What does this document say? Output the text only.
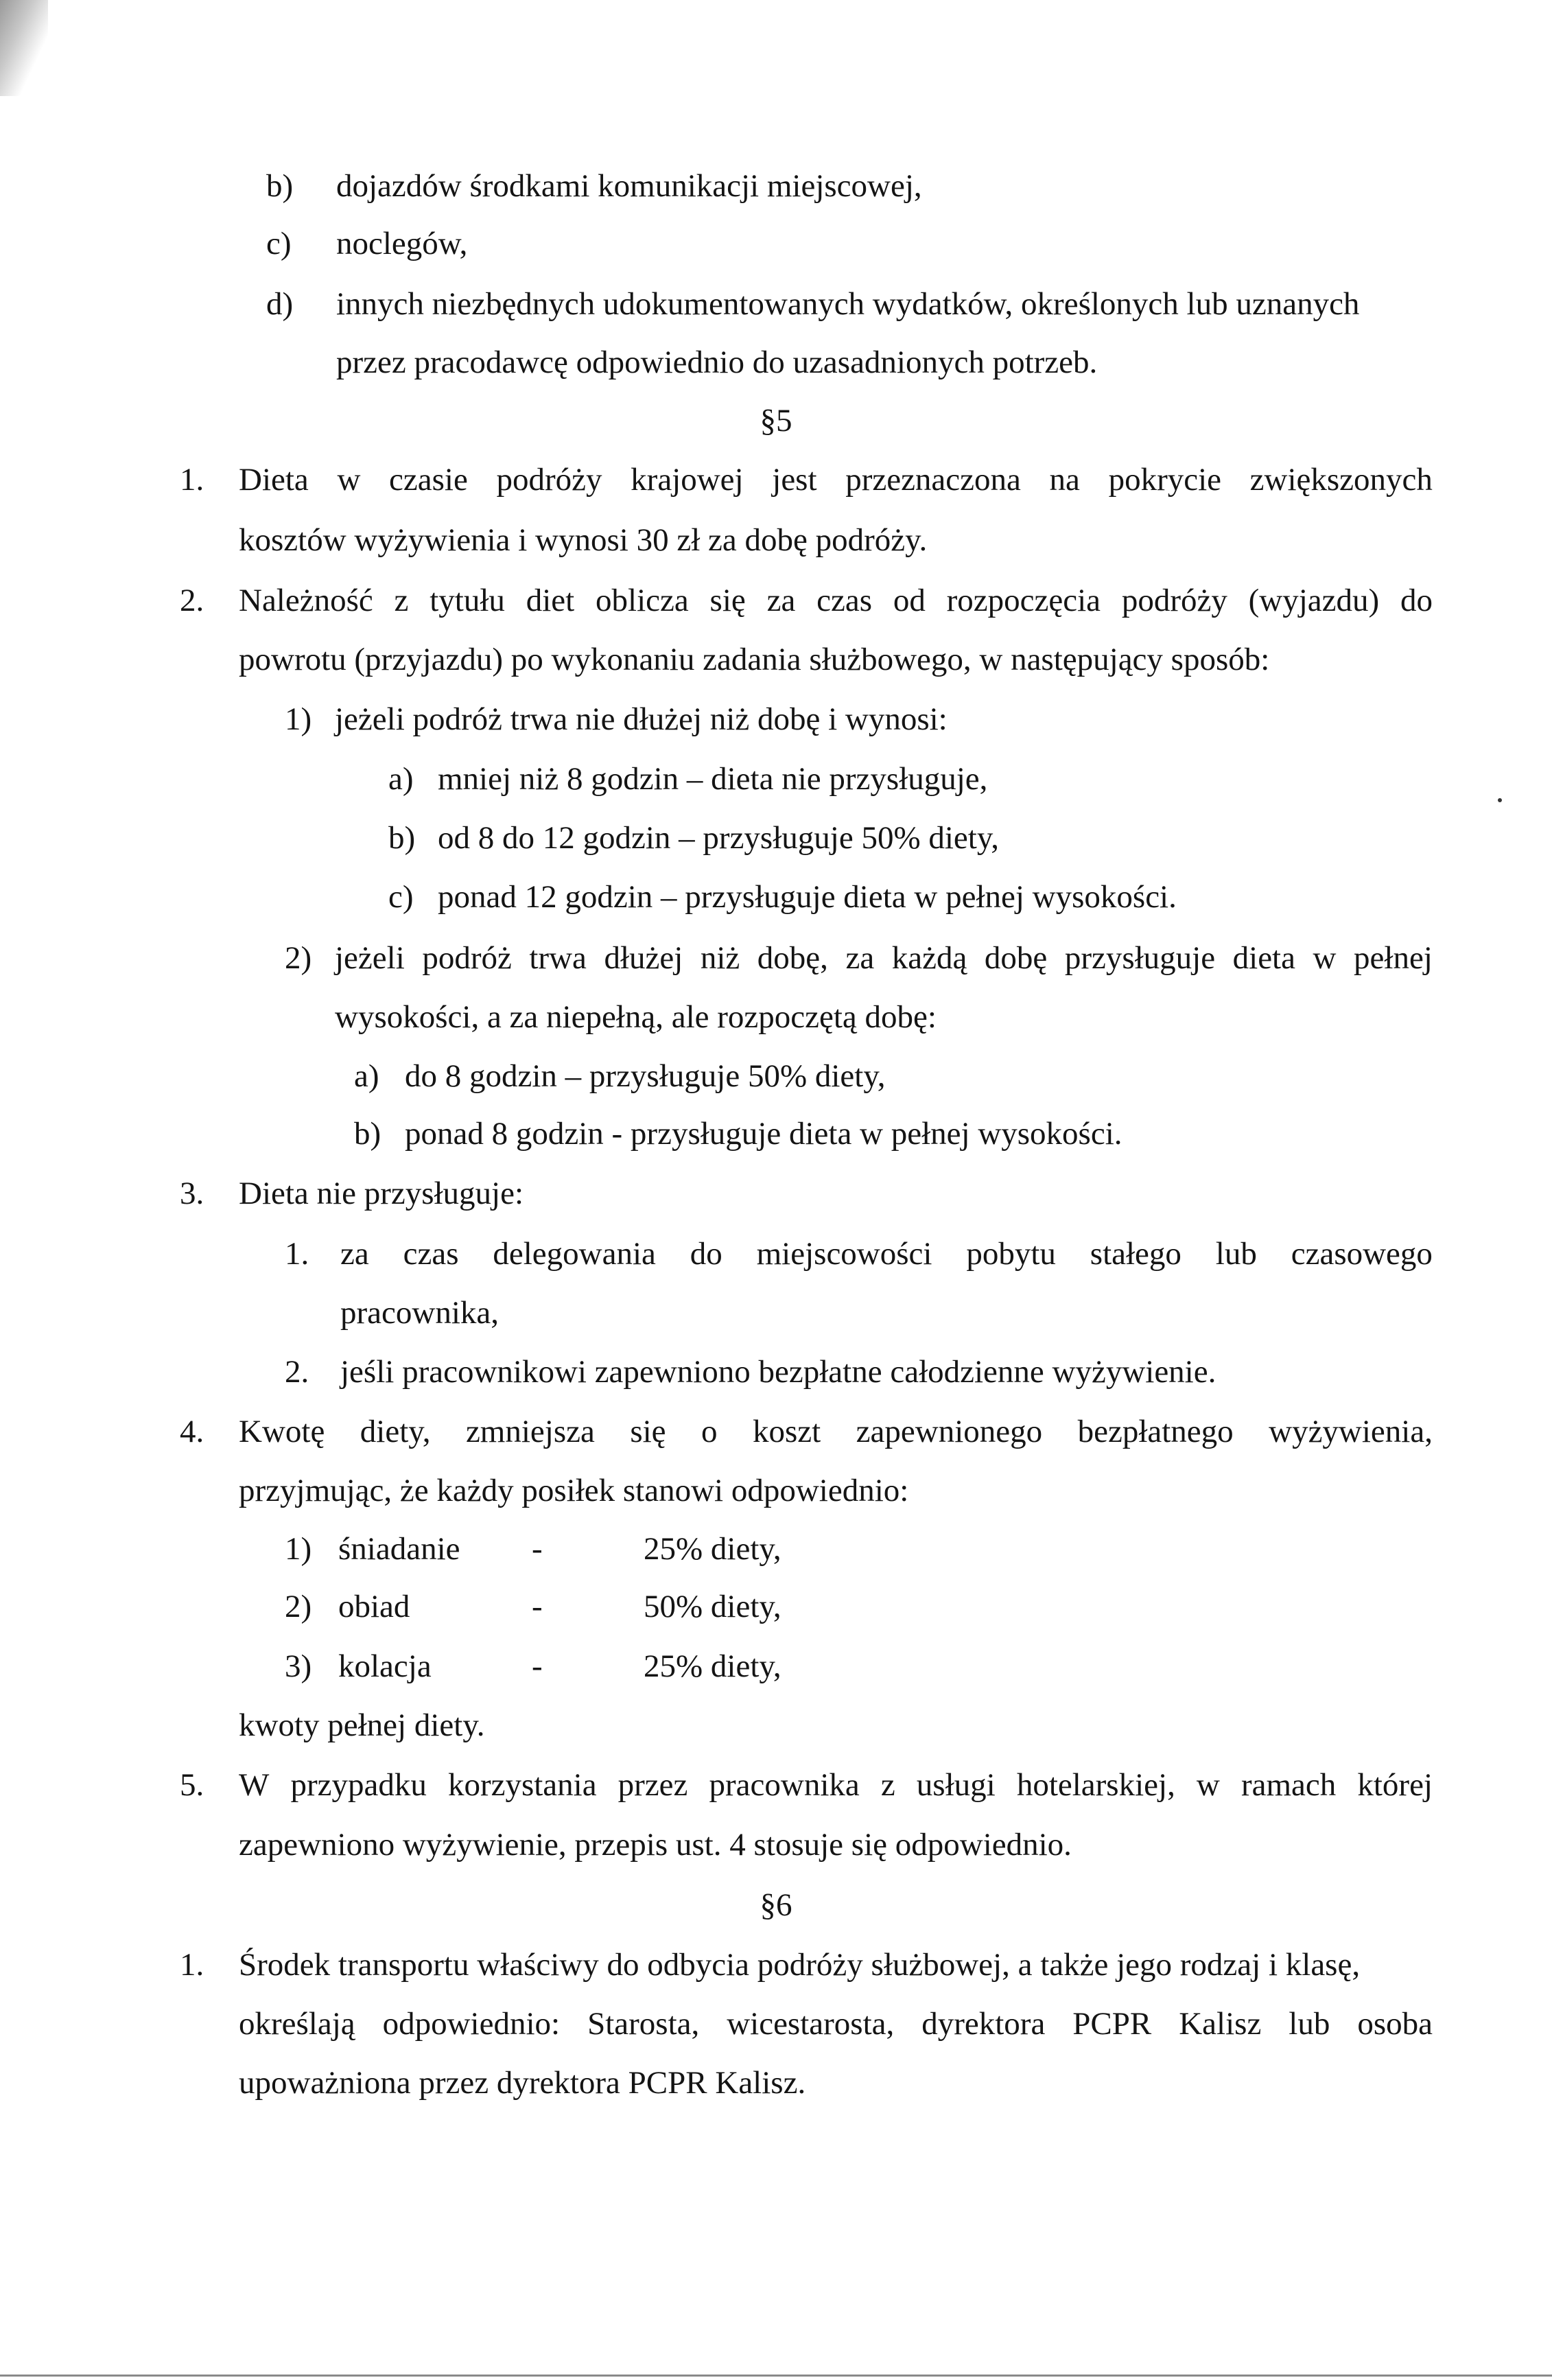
b) dojazdów środkami komunikacji miejscowej,
c) noclegów,
d) innych niezbędnych udokumentowanych wydatków, określonych lub uznanych
przez pracodawcę odpowiednio do uzasadnionych potrzeb.
§5
1. Dieta w czasie podróży krajowej jest przeznaczona na pokrycie zwiększonych
kosztów wyżywienia i wynosi 30 zł za dobę podróży.
2. Należność z tytułu diet oblicza się za czas od rozpoczęcia podróży (wyjazdu) do
powrotu (przyjazdu) po wykonaniu zadania służbowego, w następujący sposób:
1) jeżeli podróż trwa nie dłużej niż dobę i wynosi:
a) mniej niż 8 godzin – dieta nie przysługuje,
b) od 8 do 12 godzin – przysługuje 50% diety,
c) ponad 12 godzin – przysługuje dieta w pełnej wysokości.
2) jeżeli podróż trwa dłużej niż dobę, za każdą dobę przysługuje dieta w pełnej
wysokości, a za niepełną, ale rozpoczętą dobę:
a) do 8 godzin – przysługuje 50% diety,
b) ponad 8 godzin - przysługuje dieta w pełnej wysokości.
3. Dieta nie przysługuje:
1. za czas delegowania do miejscowości pobytu stałego lub czasowego
pracownika,
2. jeśli pracownikowi zapewniono bezpłatne całodzienne wyżywienie.
4. Kwotę diety, zmniejsza się o koszt zapewnionego bezpłatnego wyżywienia,
przyjmując, że każdy posiłek stanowi odpowiednio:
1) śniadanie -	25% diety,
2) obiad	-	50% diety,
3) kolacja	-	25% diety,
kwoty pełnej diety.
5. W przypadku korzystania przez pracownika z usługi hotelarskiej, w ramach której
zapewniono wyżywienie, przepis ust. 4 stosuje się odpowiednio.
§6
1. Środek transportu właściwy do odbycia podróży służbowej, a także jego rodzaj i klasę,
określają odpowiednio: Starosta, wicestarosta, dyrektora PCPR Kalisz lub osoba
upoważniona przez dyrektora PCPR Kalisz.
